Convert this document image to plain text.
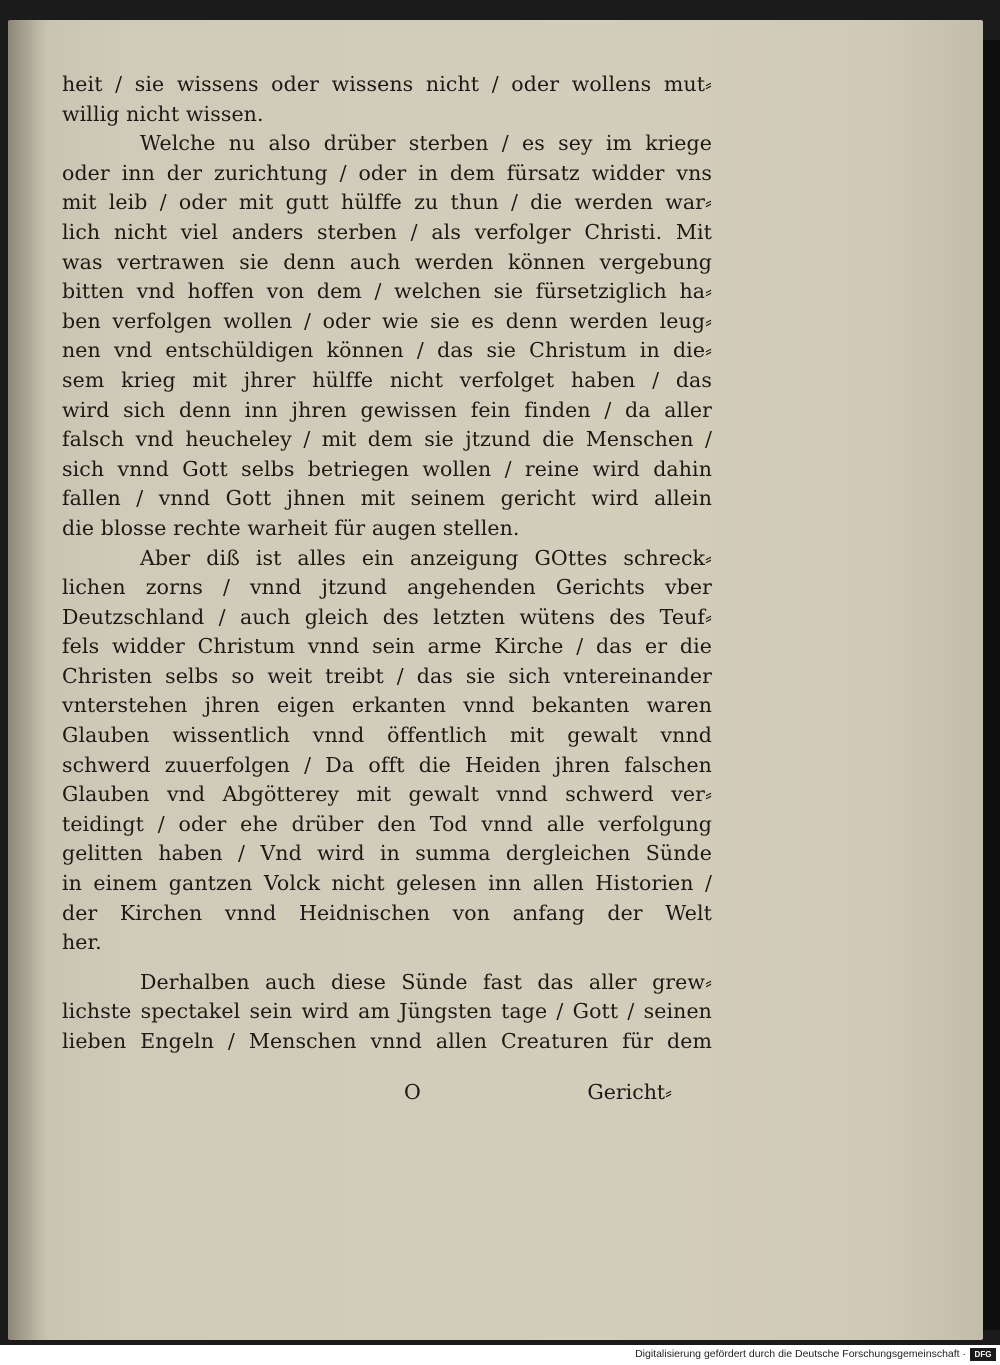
heit / sie wissens oder wissens nicht / oder wollens mut⸗
willig nicht wissen.
Welche nu also drüber sterben / es sey im kriege
oder inn der zurichtung / oder in dem fürsatz widder vns
mit leib / oder mit gutt hülffe zu thun / die werden war⸗
lich nicht viel anders sterben / als verfolger Christi. Mit
was vertrawen sie denn auch werden können vergebung
bitten vnd hoffen von dem / welchen sie fürsetziglich ha⸗
ben verfolgen wollen / oder wie sie es denn werden leug⸗
nen vnd entschüldigen können / das sie Christum in die⸗
sem krieg mit jhrer hülffe nicht verfolget haben / das
wird sich denn inn jhren gewissen fein finden / da aller
falsch vnd heucheley / mit dem sie jtzund die Menschen /
sich vnnd Gott selbs betriegen wollen / reine wird dahin
fallen / vnnd Gott jhnen mit seinem gericht wird allein
die blosse rechte warheit für augen stellen.
Aber diß ist alles ein anzeigung GOttes schreck⸗
lichen zorns / vnnd jtzund angehenden Gerichts vber
Deutzschland / auch gleich des letzten wütens des Teuf⸗
fels widder Christum vnnd sein arme Kirche / das er die
Christen selbs so weit treibt / das sie sich vntereinander
vnterstehen jhren eigen erkanten vnnd bekanten waren
Glauben wissentlich vnnd öffentlich mit gewalt vnnd
schwerd zuuerfolgen / Da offt die Heiden jhren falschen
Glauben vnd Abgötterey mit gewalt vnnd schwerd ver⸗
teidingt / oder ehe drüber den Tod vnnd alle verfolgung
gelitten haben / Vnd wird in summa dergleichen Sünde
in einem gantzen Volck nicht gelesen inn allen Historien /
der Kirchen vnnd Heidnischen von anfang der Welt
her.
Derhalben auch diese Sünde fast das aller grew⸗
lichste spectakel sein wird am Jüngsten tage / Gott / seinen
lieben Engeln / Menschen vnnd allen Creaturen für dem
O	Gericht⸗
Digitalisierung gefördert durch die Deutsche Forschungsgemeinschaft ·	DFG
